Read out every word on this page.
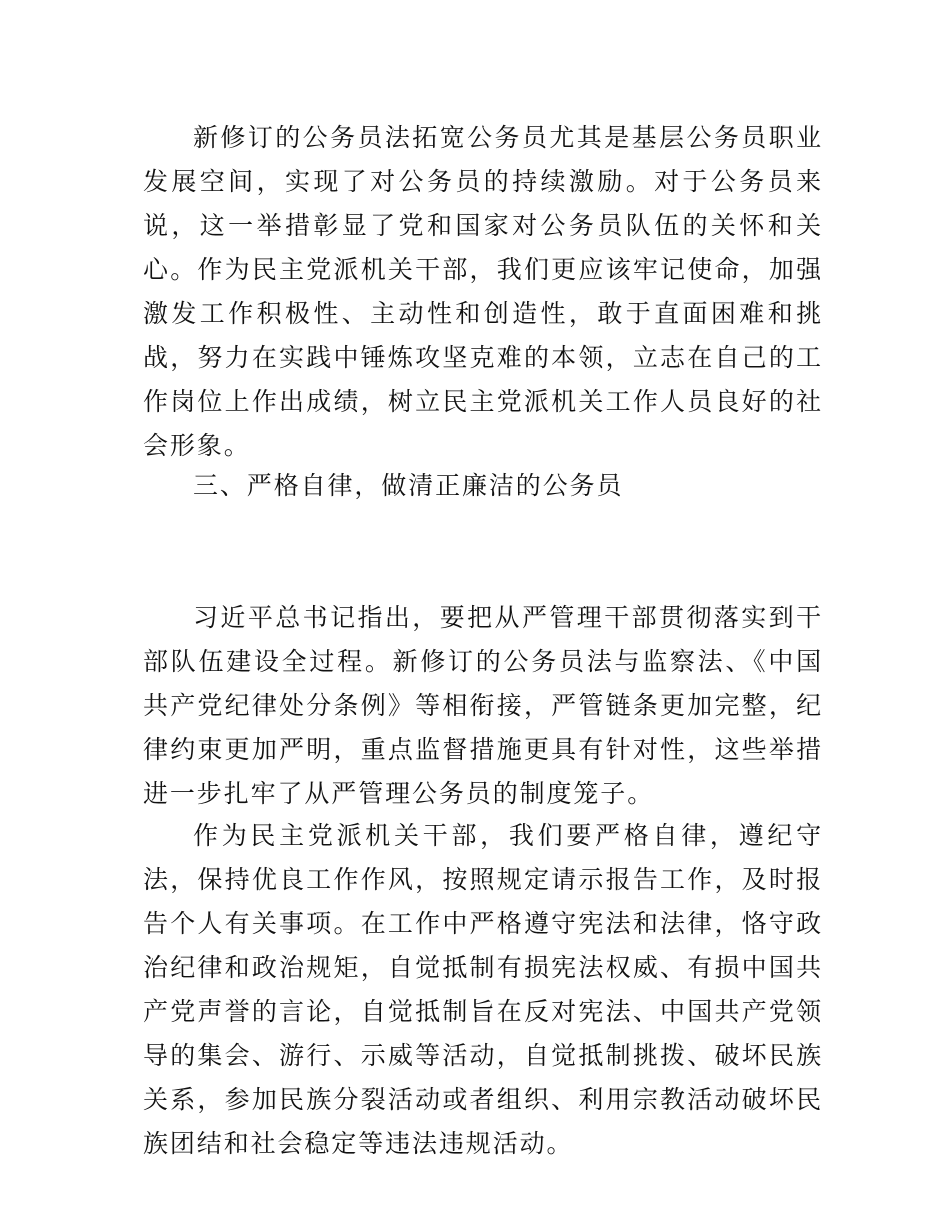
新修订的公务员法拓宽公务员尤其是基层公务员职业发展空间，实现了对公务员的持续激励。对于公务员来说，这一举措彰显了党和国家对公务员队伍的关怀和关心。作为民主党派机关干部，我们更应该牢记使命，加强激发工作积极性、主动性和创造性，敢于直面困难和挑战，努力在实践中锤炼攻坚克难的本领，立志在自己的工作岗位上作出成绩，树立民主党派机关工作人员良好的社会形象。

三、严格自律，做清正廉洁的公务员

习近平总书记指出，要把从严管理干部贯彻落实到干部队伍建设全过程。新修订的公务员法与监察法、《中国共产党纪律处分条例》等相衔接，严管链条更加完整，纪律约束更加严明，重点监督措施更具有针对性，这些举措进一步扎牢了从严管理公务员的制度笼子。

作为民主党派机关干部，我们要严格自律，遵纪守法，保持优良工作作风，按照规定请示报告工作，及时报告个人有关事项。在工作中严格遵守宪法和法律，恪守政治纪律和政治规矩，自觉抵制有损宪法权威、有损中国共产党声誉的言论，自觉抵制旨在反对宪法、中国共产党领导的集会、游行、示威等活动，自觉抵制挑拨、破坏民族关系，参加民族分裂活动或者组织、利用宗教活动破坏民族团结和社会稳定等违法违规活动。
